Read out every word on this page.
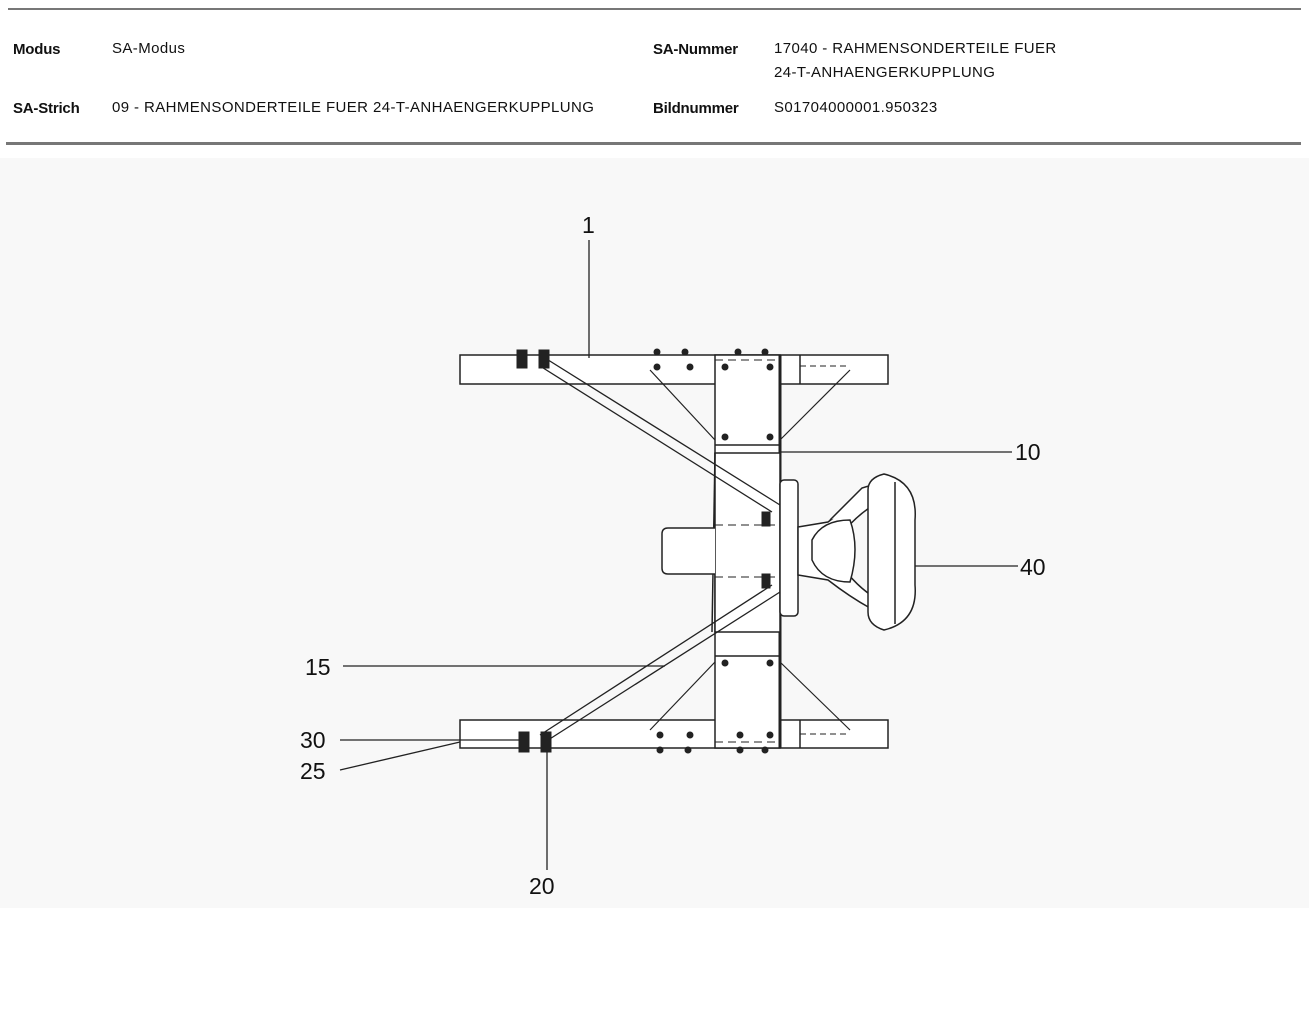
Modus	SA-Modus	SA-Nummer 17040 - RAHMENSONDERTEILE FUER
24-T-ANHAENGERKUPPLUNG
SA-Strich 09 - RAHMENSONDERTEILE FUER 24-T-ANHAENGERKUPPLUNG	Bildnummer S01704000001.950323
1
10
40
15
30
25
20
